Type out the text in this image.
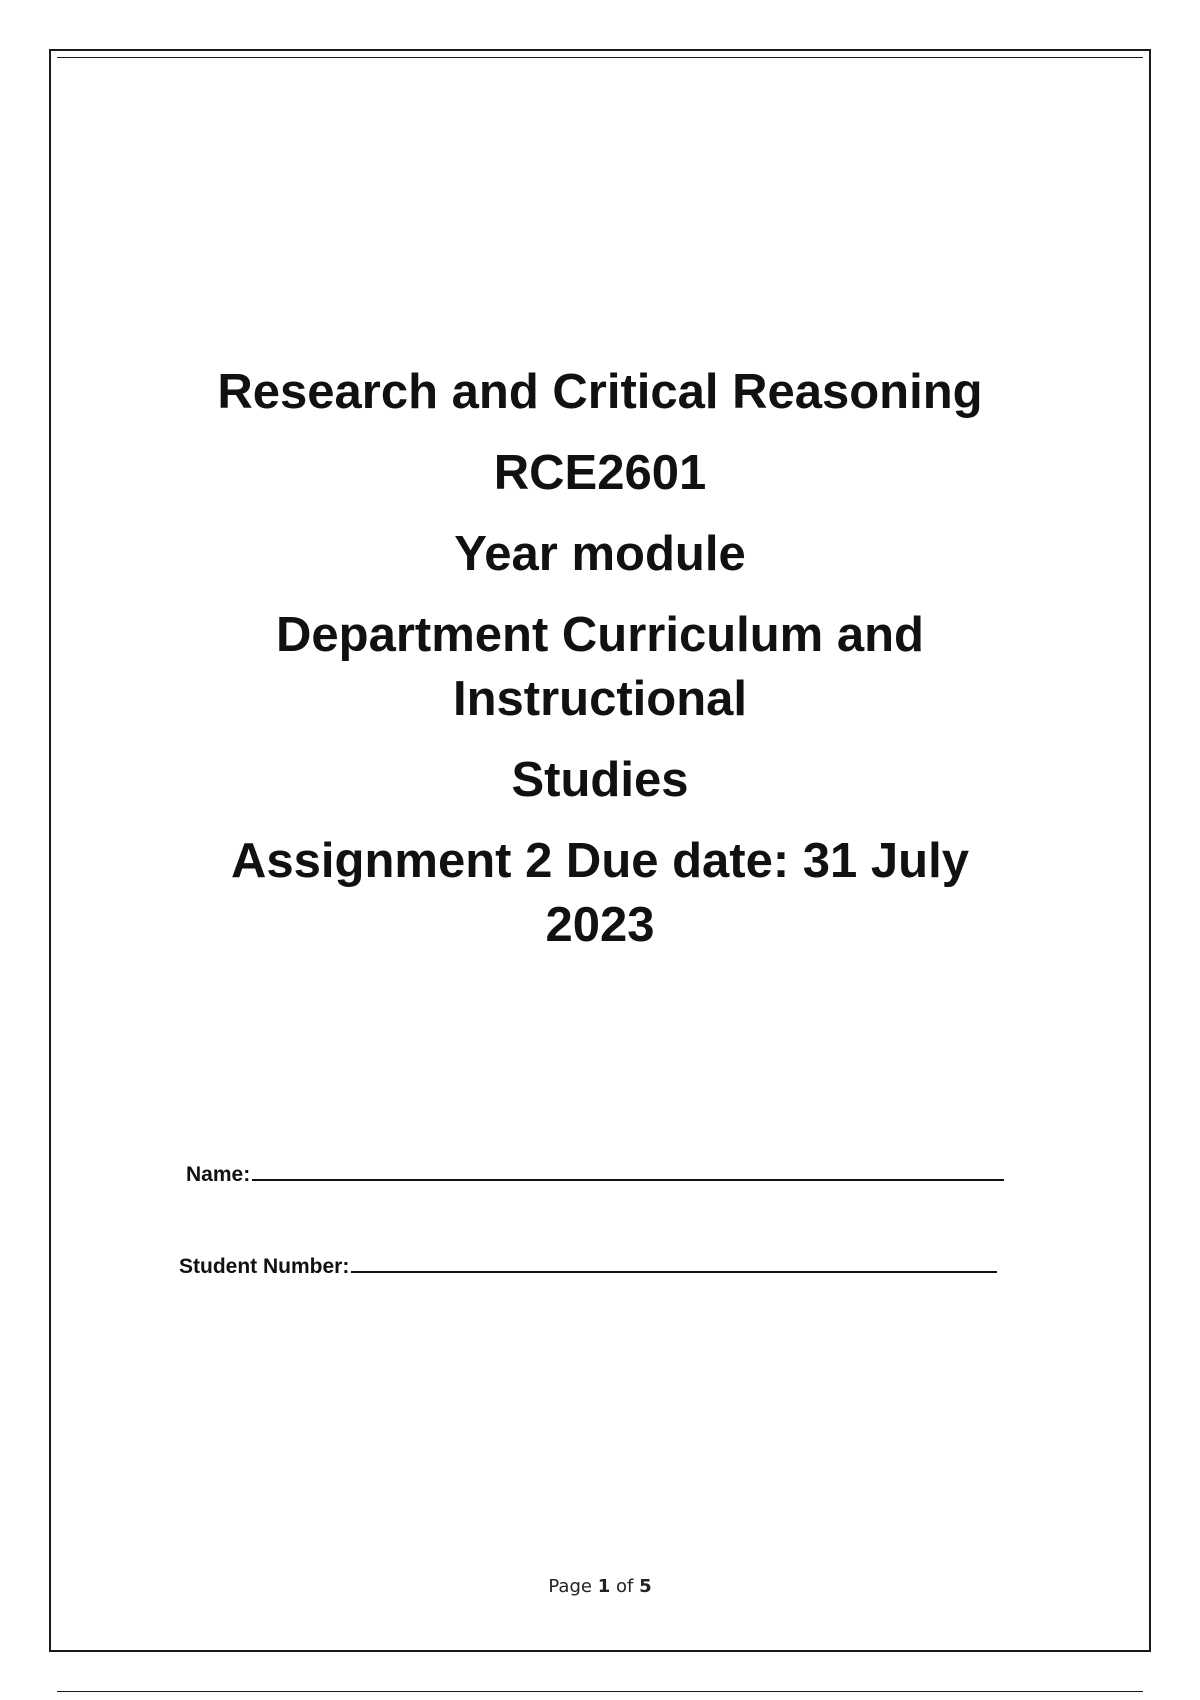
Research and Critical Reasoning
RCE2601
Year module
Department Curriculum and
Instructional
Studies
Assignment 2 Due date: 31 July
2023
Name:
Student Number:
Page 1 of 5
